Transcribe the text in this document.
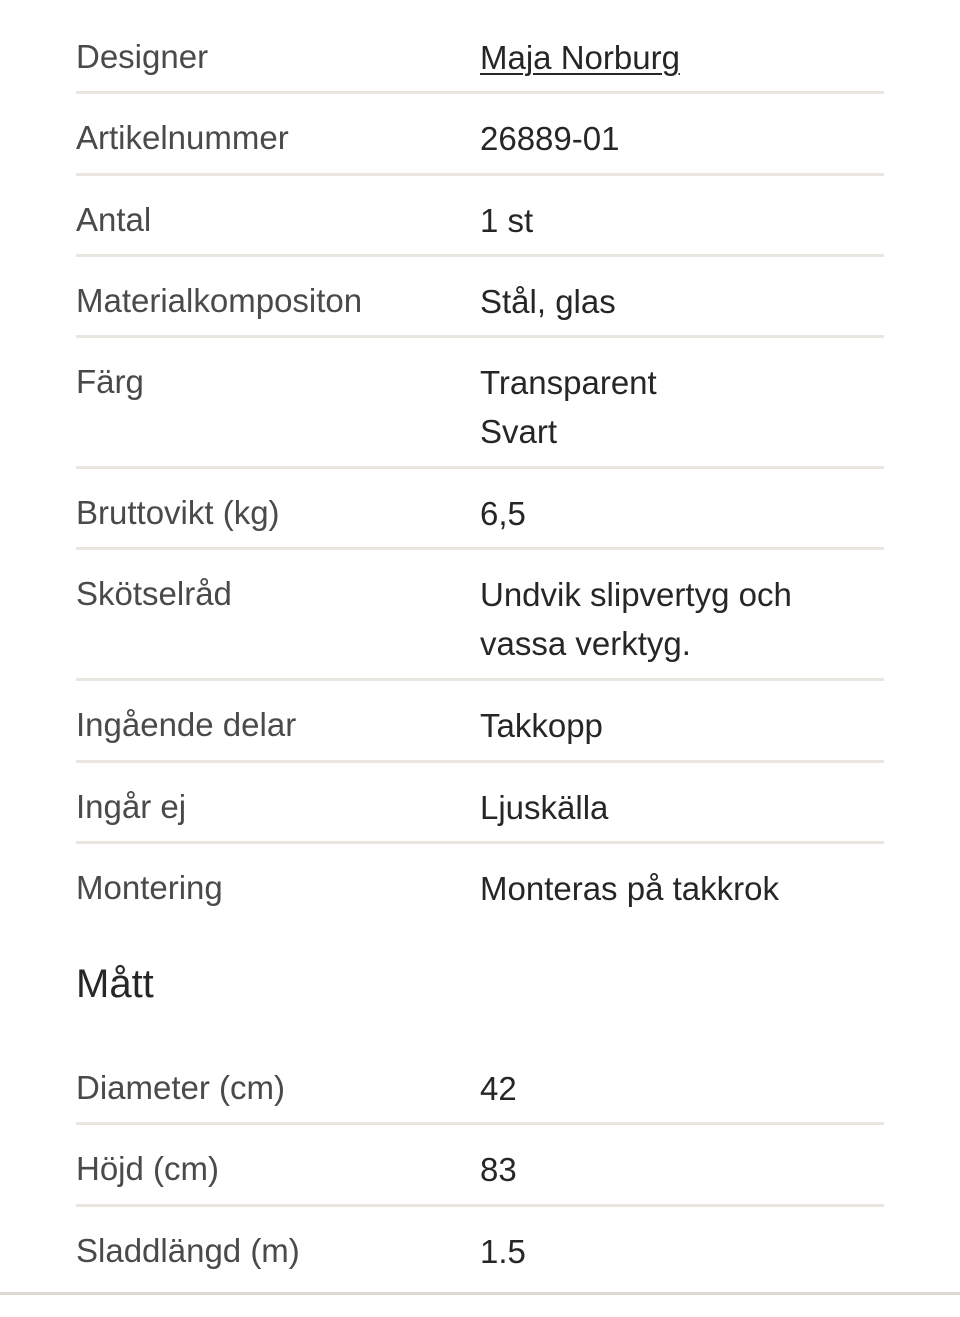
Designer	Maja Norburg
Artikelnummer	26889-01
Antal	1 st
Materialkompositon	Stål, glas
Färg	Transparent
Svart
Bruttovikt (kg)	6,5
Skötselråd	Undvik slipvertyg och
vassa verktyg.
Ingående delar	Takkopp
Ingår ej	Ljuskälla
Montering	Monteras på takkrok
Mått
Diameter (cm)	42
Höjd (cm)	83
Sladdlängd (m)	1.5
